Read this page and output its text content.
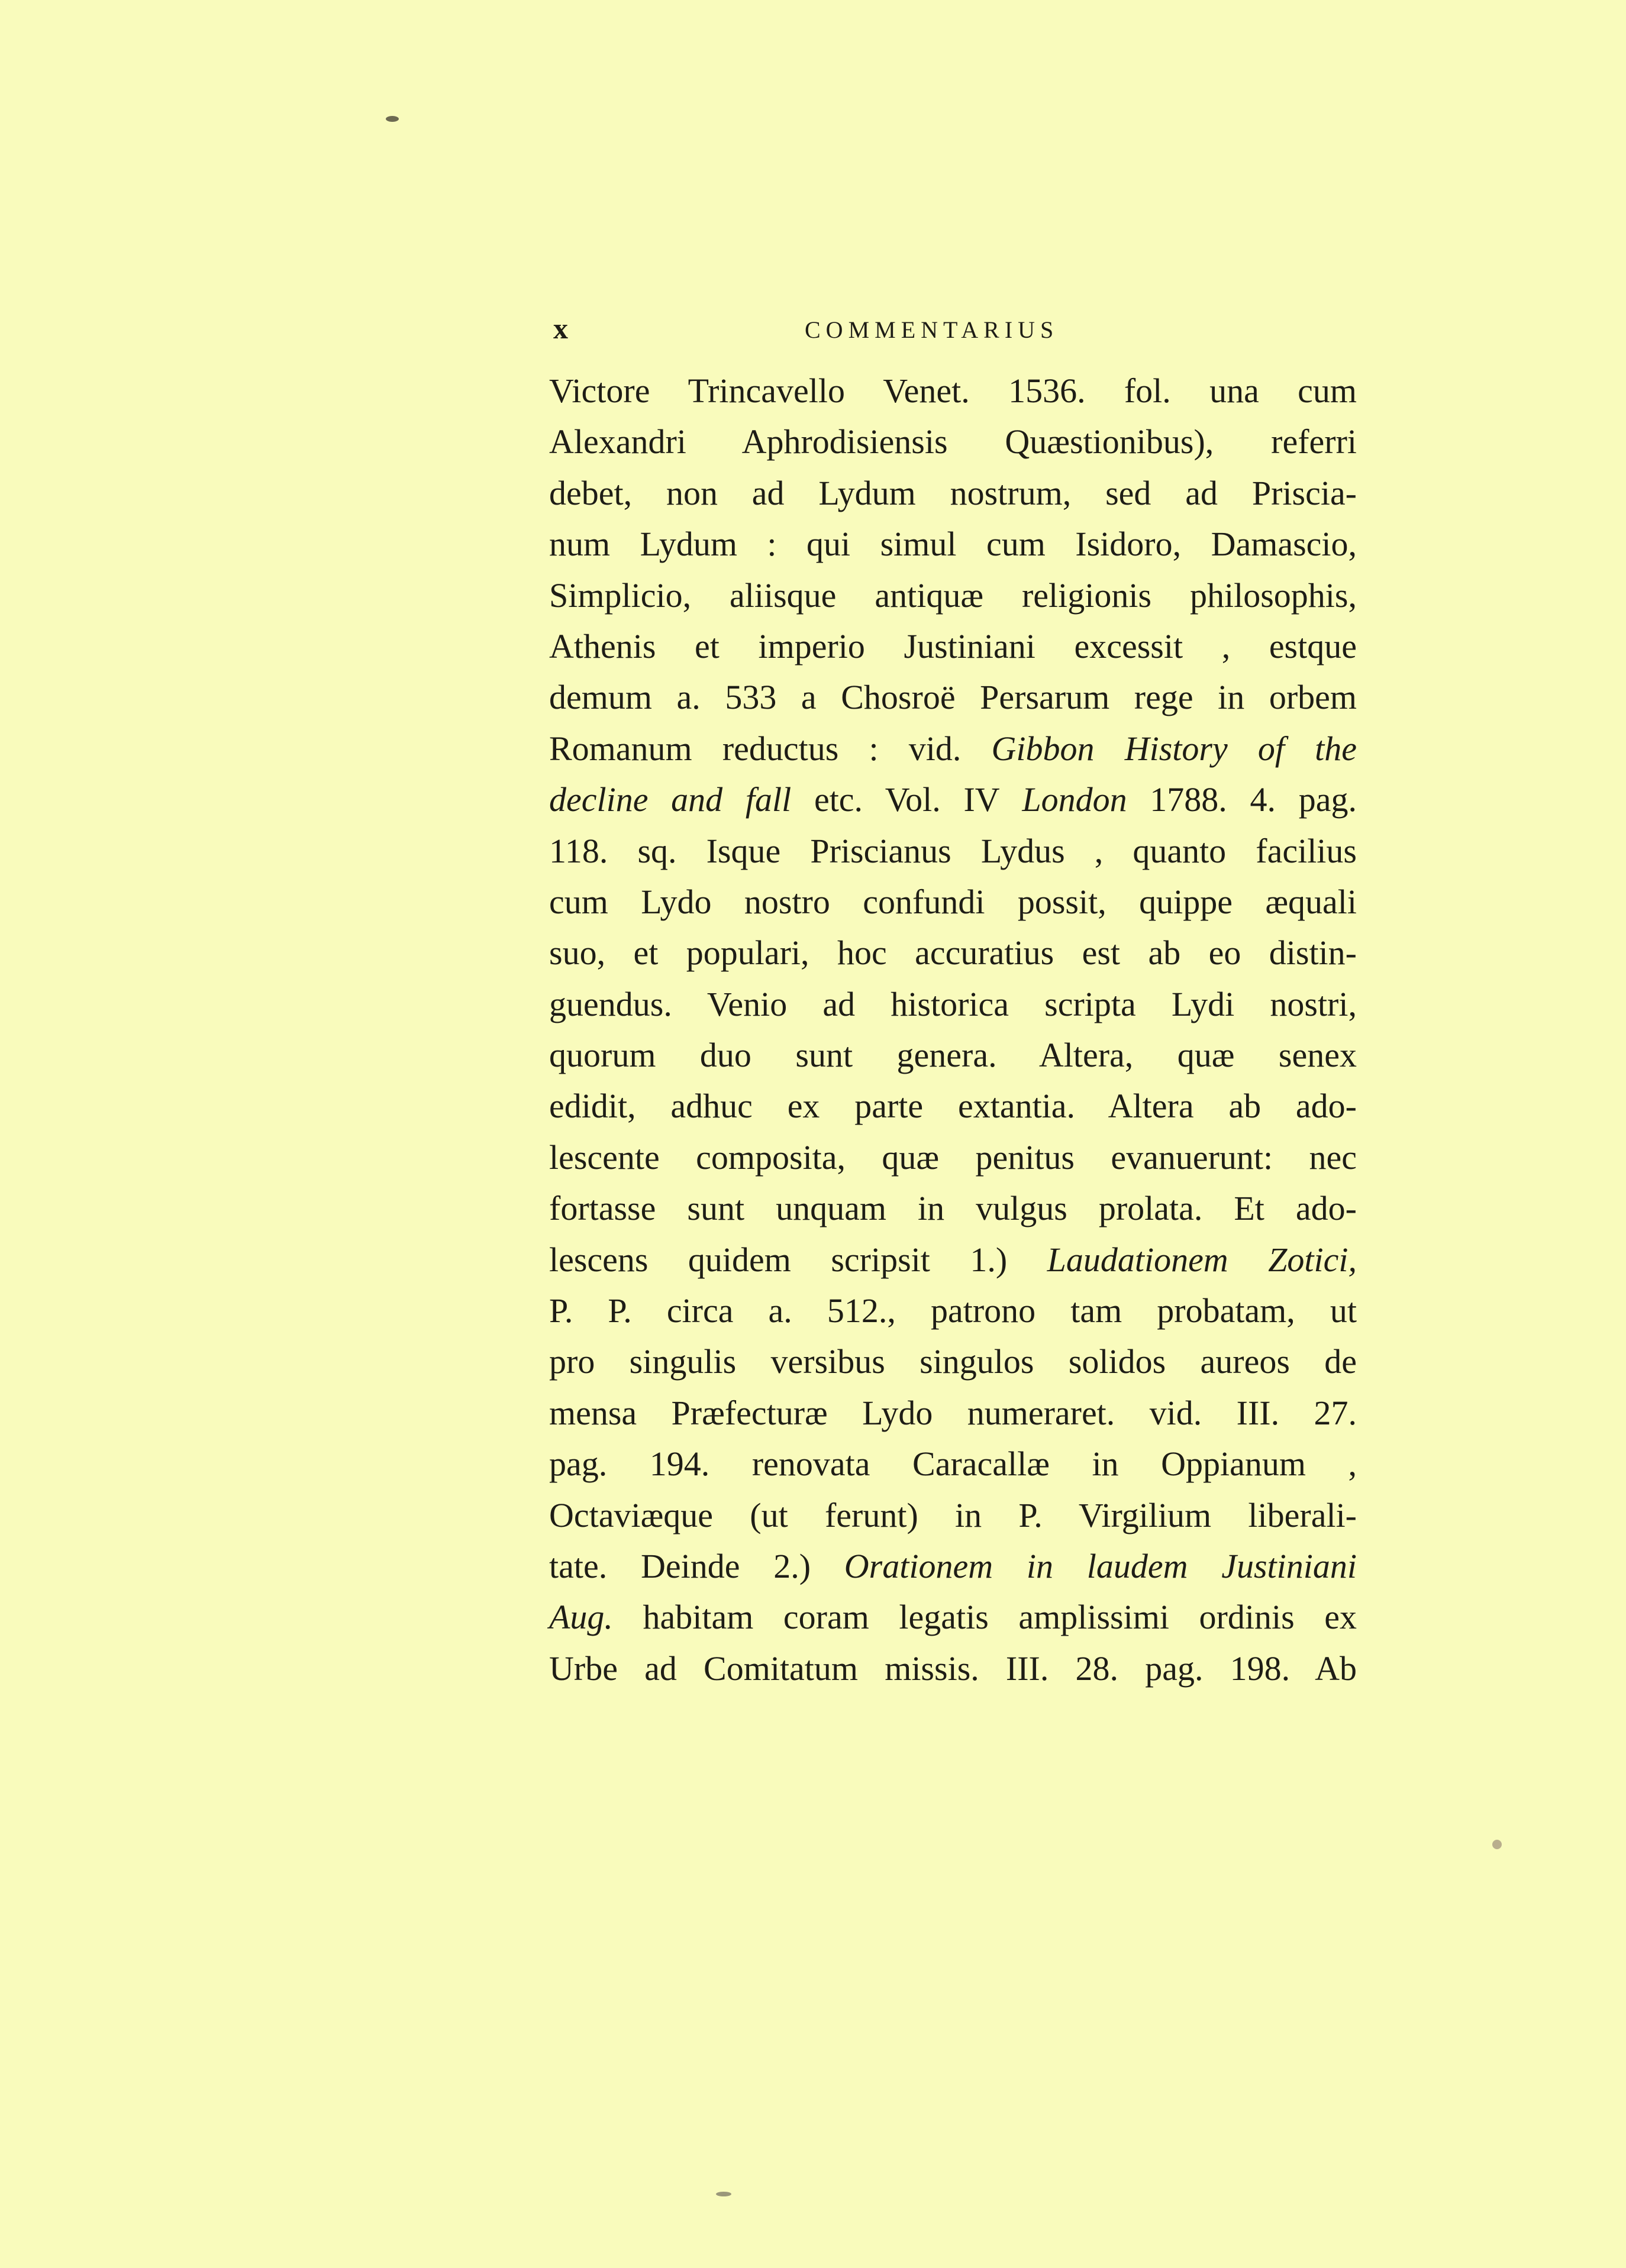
x	COMMENTARIUS
Victore Trincavello Venet. 1536. fol. una cum
Alexandri Aphrodisiensis Quæstionibus), referri
debet, non ad Lydum nostrum, sed ad Priscia-
num Lydum : qui simul cum Isidoro, Damascio,
Simplicio, aliisque antiquæ religionis philosophis,
Athenis et imperio Justiniani excessit , estque
demum a. 533 a Chosroë Persarum rege in orbem
Romanum reductus : vid. Gibbon History of the
decline and fall etc. Vol. IV London 1788. 4. pag.
118. sq. Isque Priscianus Lydus , quanto facilius
cum Lydo nostro confundi possit, quippe æquali
suo, et populari, hoc accuratius est ab eo distin-
guendus. Venio ad historica scripta Lydi nostri,
quorum duo sunt genera. Altera, quæ senex
edidit, adhuc ex parte extantia. Altera ab ado-
lescente composita, quæ penitus evanuerunt: nec
fortasse sunt unquam in vulgus prolata. Et ado-
lescens quidem scripsit 1.) Laudationem Zotici,
P. P. circa a. 512., patrono tam probatam, ut
pro singulis versibus singulos solidos aureos de
mensa Præfecturæ Lydo numeraret. vid. III. 27.
pag. 194. renovata Caracallæ in Oppianum ,
Octaviæque (ut ferunt) in P. Virgilium liberali-
tate. Deinde 2.) Orationem in laudem Justiniani
Aug. habitam coram legatis amplissimi ordinis ex
Urbe ad Comitatum missis. III. 28. pag. 198. Ab
